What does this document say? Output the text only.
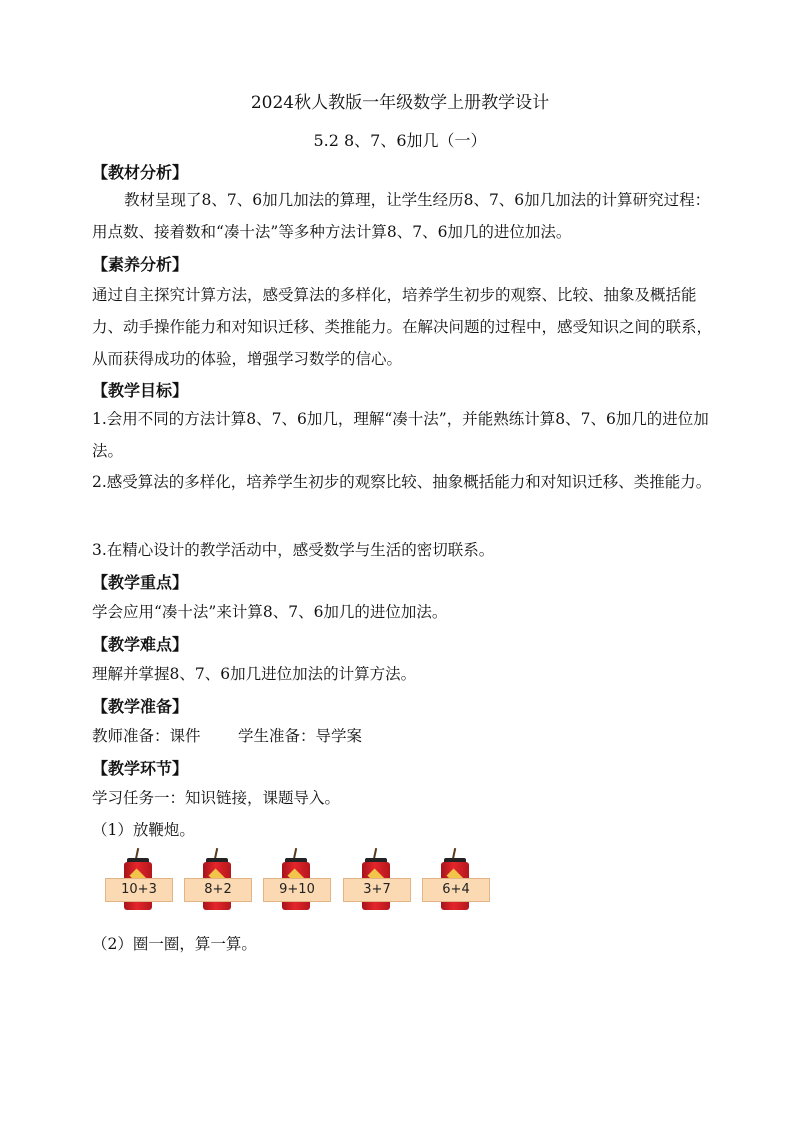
2024秋人教版一年级数学上册教学设计
5.2 8、7、6加几（一）
【教材分析】
教材呈现了8、7、6加几加法的算理，让学生经历8、7、6加几加法的计算研究过程：用点数、接着数和“凑十法”等多种方法计算8、7、6加几的进位加法。
【素养分析】
通过自主探究计算方法，感受算法的多样化，培养学生初步的观察、比较、抽象及概括能力、动手操作能力和对知识迁移、类推能力。在解决问题的过程中，感受知识之间的联系，从而获得成功的体验，增强学习数学的信心。
【教学目标】
1.会用不同的方法计算8、7、6加几，理解“凑十法”，并能熟练计算8、7、6加几的进位加法。
2.感受算法的多样化，培养学生初步的观察比较、抽象概括能力和对知识迁移、类推能力。
3.在精心设计的教学活动中，感受数学与生活的密切联系。
【教学重点】
学会应用“凑十法”来计算8、7、6加几的进位加法。
【教学难点】
理解并掌握8、7、6加几进位加法的计算方法。
【教学准备】
教师准备：课件 学生准备：导学案
【教学环节】
学习任务一：知识链接，课题导入。
（1）放鞭炮。
10+3	8+2	9+10	3+7	6+4
（2）圈一圈，算一算。
